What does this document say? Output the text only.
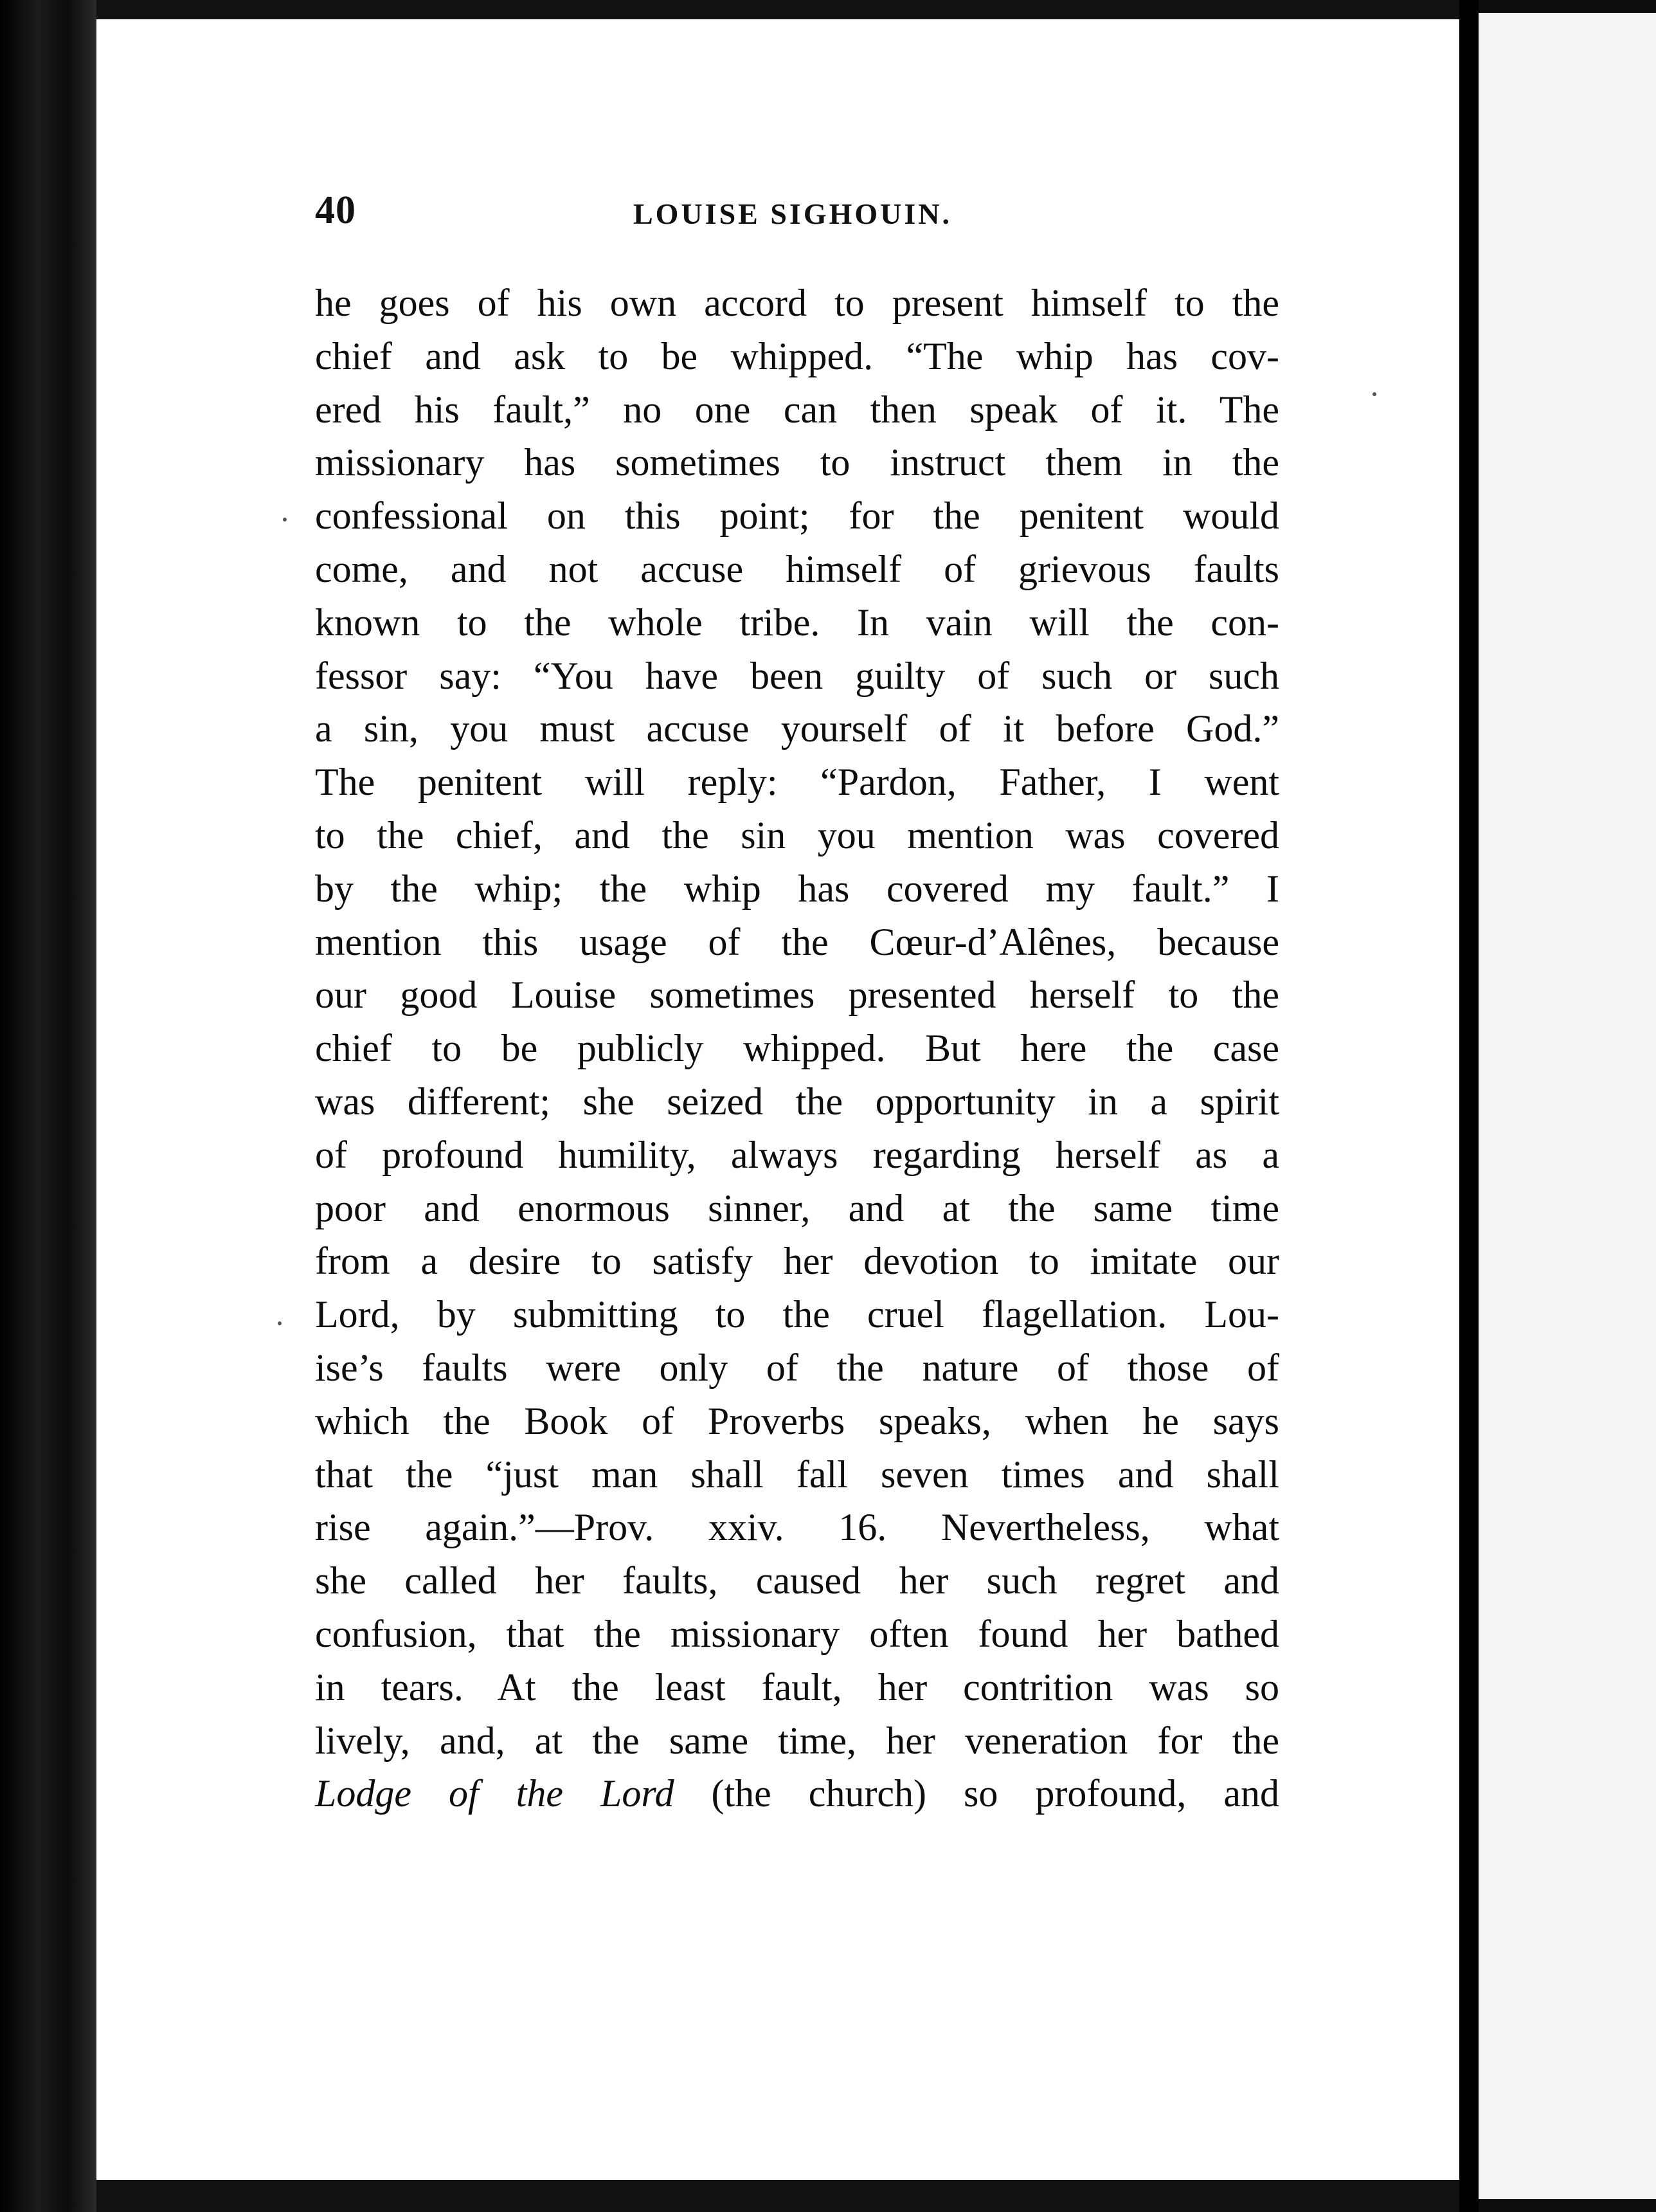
40	LOUISE SIGHOUIN.
he goes of his own accord to present himself to the
chief and ask to be whipped. “The whip has cov-
ered his fault,” no one can then speak of it. The
missionary has sometimes to instruct them in the
confessional on this point; for the penitent would
come, and not accuse himself of grievous faults
known to the whole tribe. In vain will the con-
fessor say: “You have been guilty of such or such
a sin, you must accuse yourself of it before God.”
The penitent will reply: “Pardon, Father, I went
to the chief, and the sin you mention was covered
by the whip; the whip has covered my fault.” I
mention this usage of the Cœur-d’Alênes, because
our good Louise sometimes presented herself to the
chief to be publicly whipped. But here the case
was different; she seized the opportunity in a spirit
of profound humility, always regarding herself as a
poor and enormous sinner, and at the same time
from a desire to satisfy her devotion to imitate our
Lord, by submitting to the cruel flagellation. Lou-
ise’s faults were only of the nature of those of
which the Book of Proverbs speaks, when he says
that the “just man shall fall seven times and shall
rise again.”—Prov. xxiv. 16. Nevertheless, what
she called her faults, caused her such regret and
confusion, that the missionary often found her bathed
in tears. At the least fault, her contrition was so
lively, and, at the same time, her veneration for the
Lodge of the Lord (the church) so profound, and
